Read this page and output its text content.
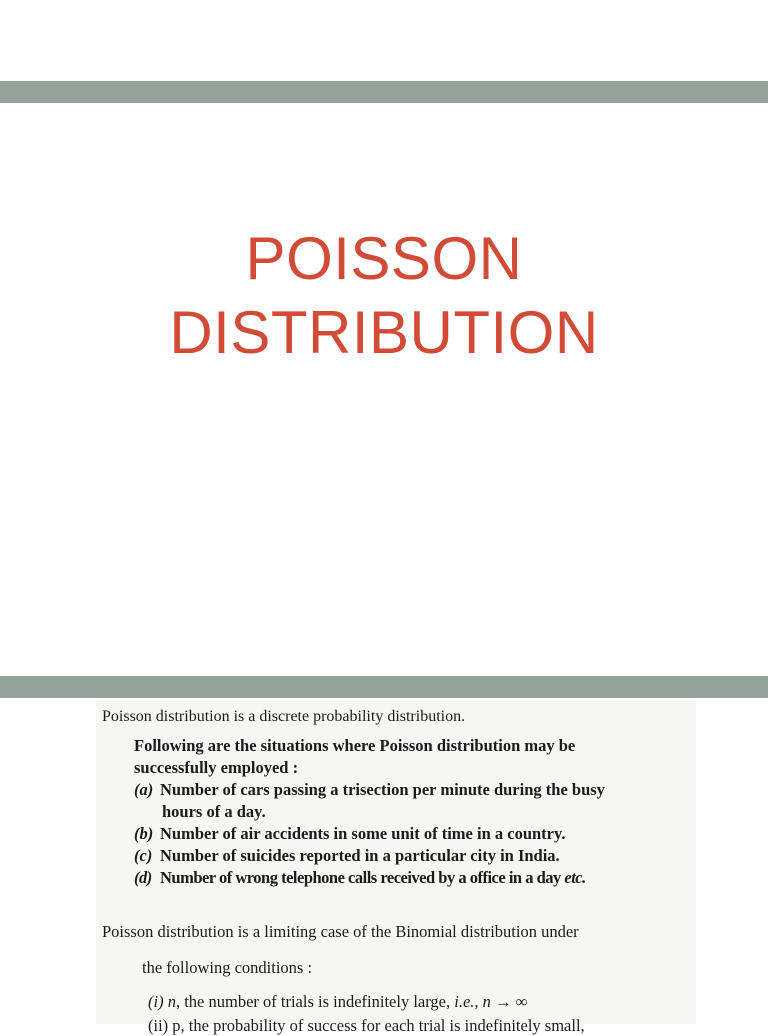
POISSON
DISTRIBUTION
Poisson distribution is a discrete probability distribution.
Following are the situations where Poisson distribution may be
successfully employed :
(a) Number of cars passing a trisection per minute during the busy
hours of a day.
(b) Number of air accidents in some unit of time in a country.
(c) Number of suicides reported in a particular city in India.
(d) Number of wrong telephone calls received by a office in a day etc.
Poisson distribution is a limiting case of the Binomial distribution under
the following conditions :
(i) n, the number of trials is indefinitely large, i.e., n → ∞
(ii) p, the probability of success for each trial is indefinitely small,
